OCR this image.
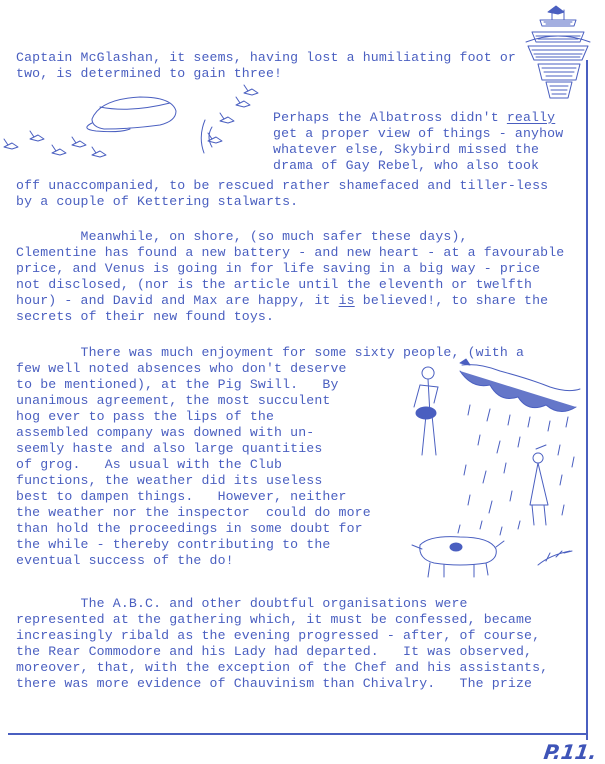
Captain McGlashan, it seems, having lost a humiliating foot or
two, is determined to gain three!
Perhaps the Albatross didn't really
get a proper view of things - anyhow
whatever else, Skybird missed the
drama of Gay Rebel, who also took
off unaccompanied, to be rescued rather shamefaced and tiller-less
by a couple of Kettering stalwarts.
Meanwhile, on shore, (so much safer these days),
Clementine has found a new battery - and new heart - at a favourable
price, and Venus is going in for life saving in a big way - price
not disclosed, (nor is the article until the eleventh or twelfth
hour) - and David and Max are happy, it is believed!, to share the
secrets of their new found toys.
There was much enjoyment for some sixty people, (with a
few well noted absences who don't deserve
to be mentioned), at the Pig Swill.   By
unanimous agreement, the most succulent
hog ever to pass the lips of the
assembled company was downed with un-
seemly haste and also large quantities
of grog.   As usual with the Club
functions, the weather did its useless
best to dampen things.   However, neither
the weather nor the inspector  could do more
than hold the proceedings in some doubt for
the while - thereby contributing to the
eventual success of the do!
The A.B.C. and other doubtful organisations were
represented at the gathering which, it must be confessed, became
increasingly ribald as the evening progressed - after, of course,
the Rear Commodore and his Lady had departed.   It was observed,
moreover, that, with the exception of the Chef and his assistants,
there was more evidence of Chauvinism than Chivalry.   The prize
P.11.
